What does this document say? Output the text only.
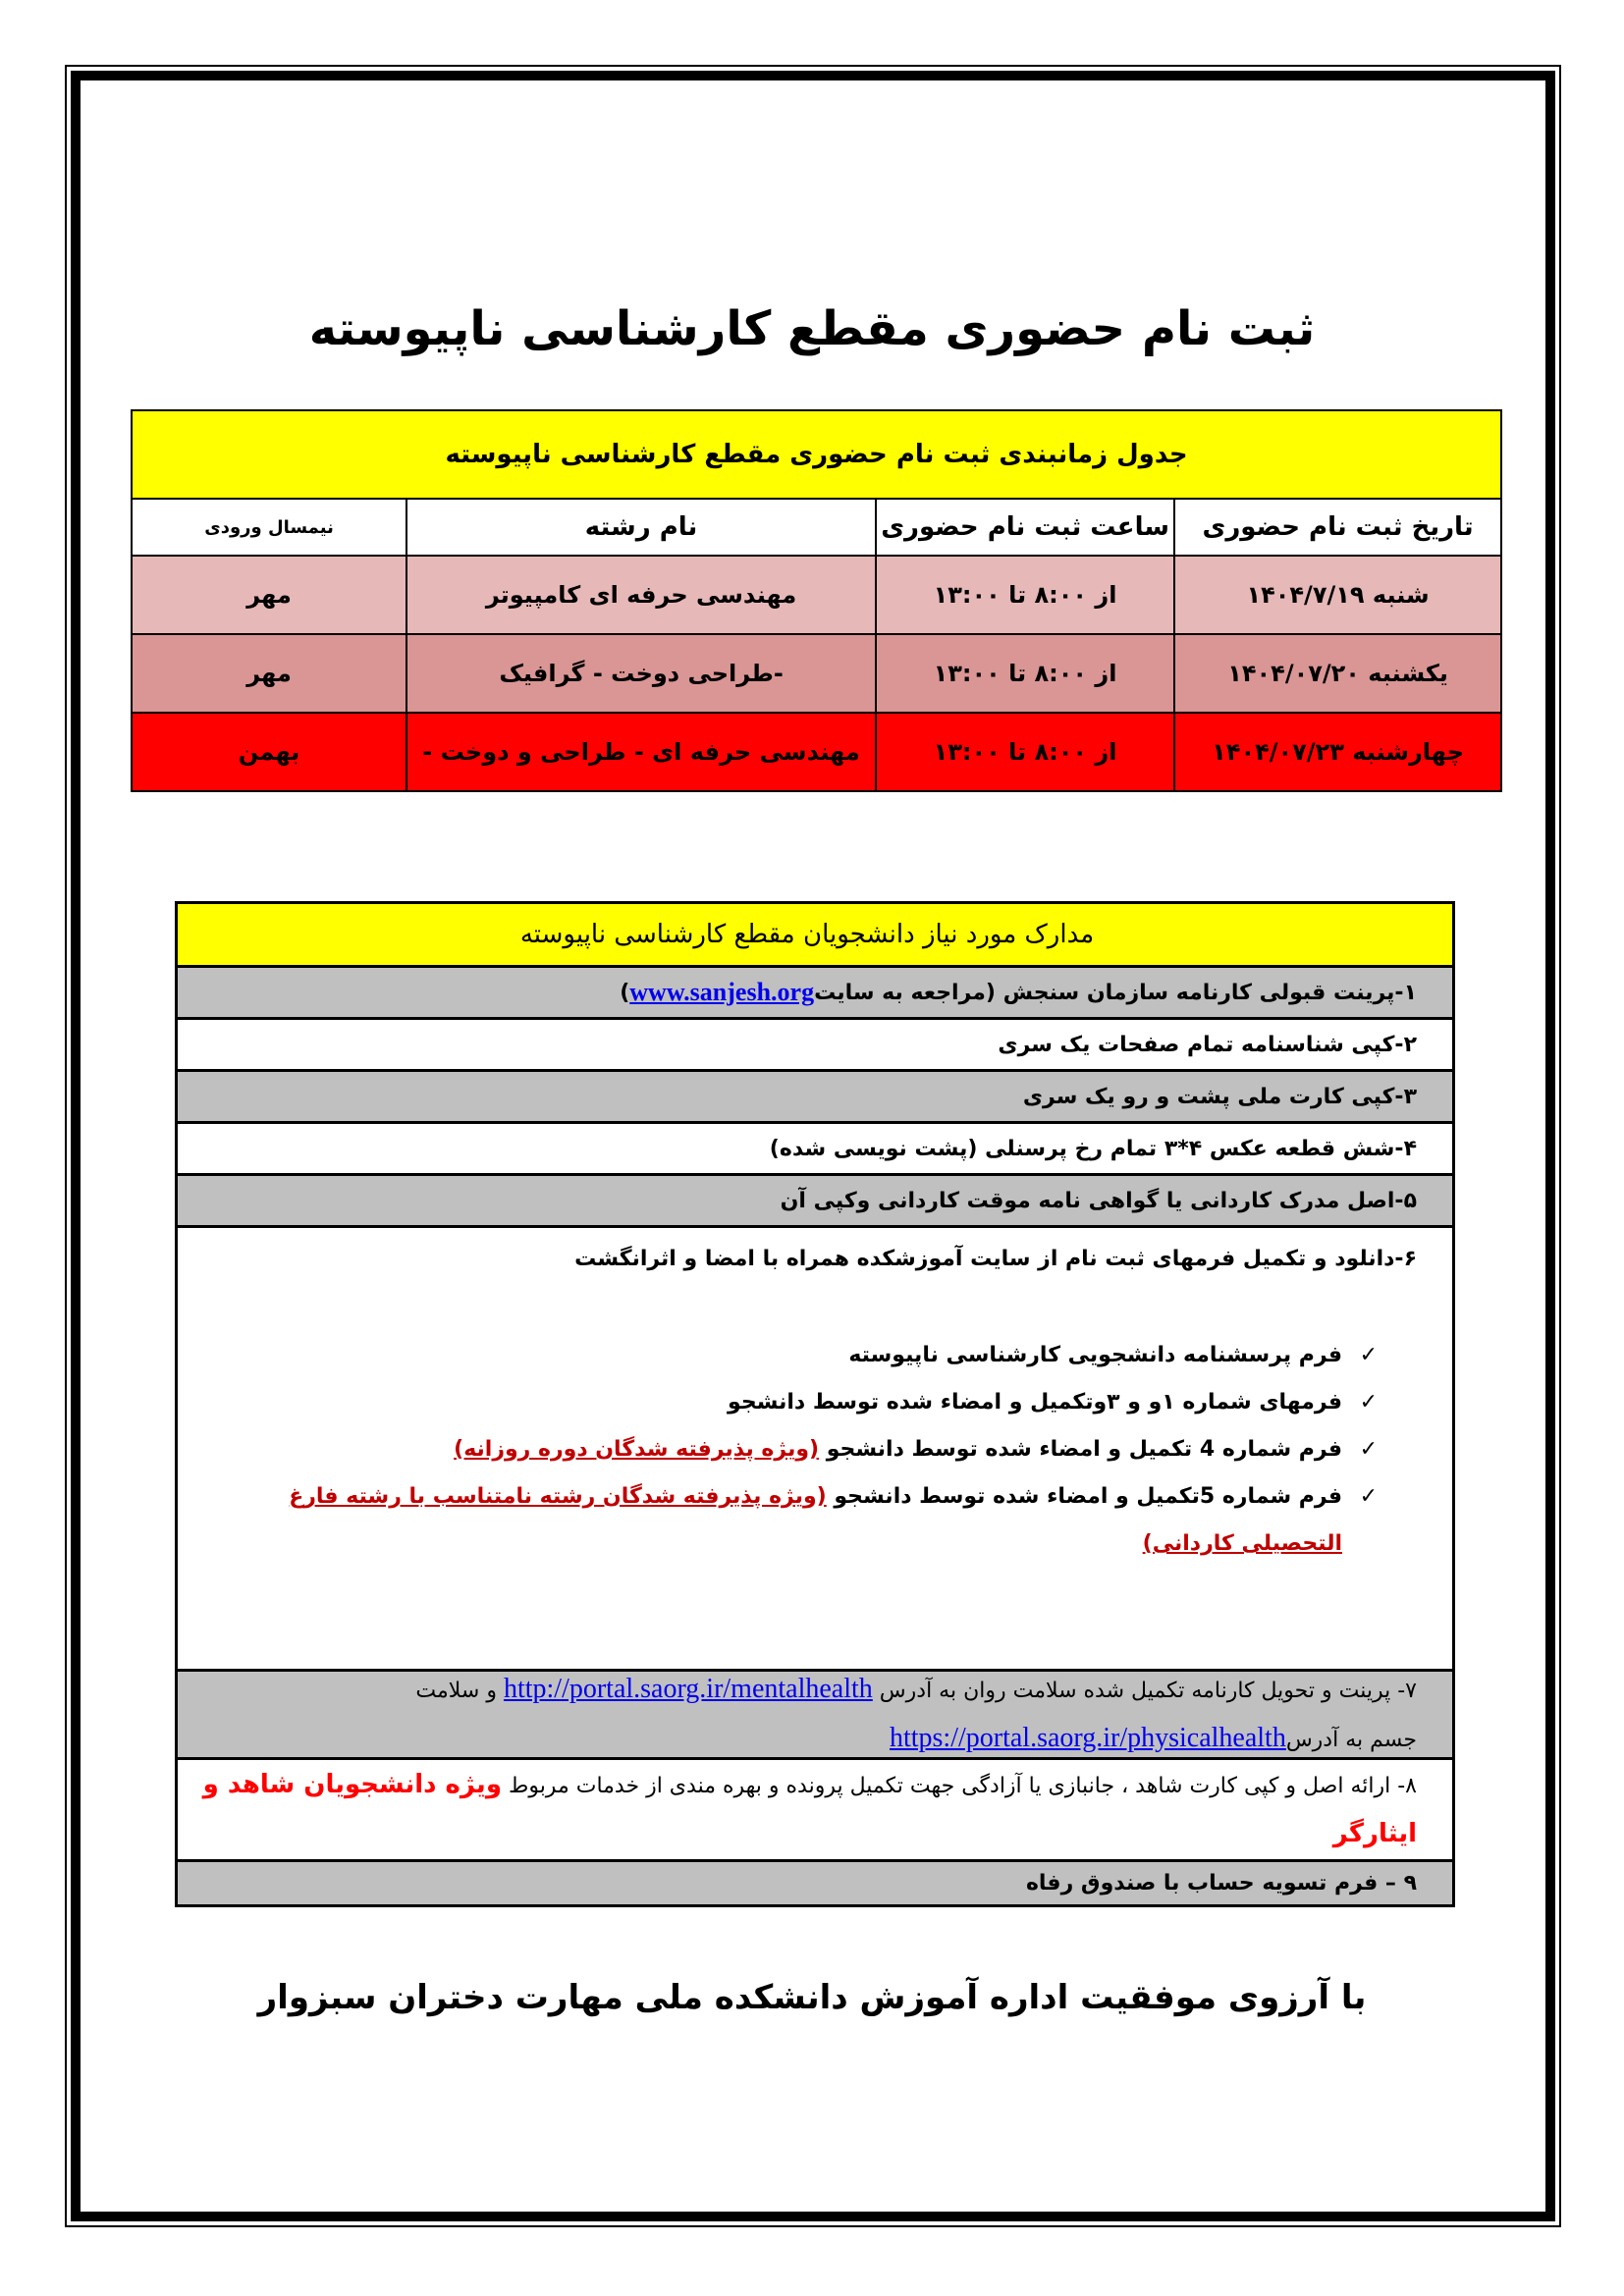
ثبت نام حضوری مقطع کارشناسی ناپیوسته
جدول زمانبندی ثبت نام حضوری مقطع کارشناسی ناپیوسته			
تاریخ ثبت نام حضوری	ساعت ثبت نام حضوری	نام رشته	نیمسال ورودی
شنبه ۱۴۰۴/۷/۱۹	از ۸:۰۰ تا ۱۳:۰۰	مهندسی حرفه ای کامپیوتر	مهر
یکشنبه ۱۴۰۴/۰۷/۲۰	از ۸:۰۰ تا ۱۳:۰۰	-طراحی دوخت - گرافیک	مهر
چهارشنبه ۱۴۰۴/۰۷/۲۳	از ۸:۰۰ تا ۱۳:۰۰	مهندسی حرفه ای - طراحی و دوخت -	بهمن
مدارک مورد نیاز دانشجویان مقطع کارشناسی ناپیوسته
۱-پرینت قبولی کارنامه سازمان سنجش (مراجعه به سایت
www.sanjesh.org
)
۲-کپی شناسنامه تمام صفحات یک سری
۳-کپی کارت ملی پشت و رو یک سری
۴-شش قطعه عکس ۴*۳ تمام رخ پرسنلی (پشت نویسی شده)
۵-اصل مدرک کاردانی یا گواهی نامه موقت کاردانی وکپی آن
۶-دانلود و تکمیل فرمهای ثبت نام از سایت آموزشکده همراه با امضا و اثرانگشت
✓
فرم پرسشنامه دانشجویی کارشناسی ناپیوسته
✓
فرمهای شماره ۱و و ۳وتکمیل و امضاء شده توسط دانشجو
✓
فرم شماره 4 تکمیل و امضاء شده توسط دانشجو (ویژه پذیرفته شدگان دوره روزانه)
✓
فرم شماره 5تکمیل و امضاء شده توسط دانشجو (ویژه پذیرفته شدگان رشته نامتناسب با رشته فارغ التحصیلی کاردانی)
۷- پرینت و تحویل کارنامه تکمیل شده سلامت روان به آدرس http://portal.saorg.ir/mentalhealth و سلامت
جسم به آدرسhttps://portal.saorg.ir/physicalhealth
۸- ارائه اصل و کپی کارت شاهد ، جانبازی یا آزادگی جهت تکمیل پرونده و بهره مندی از خدمات مربوط ویژه دانشجویان شاهد و ایثارگر
۹ – فرم تسویه حساب با صندوق رفاه
با آرزوی موفقیت اداره آموزش دانشکده ملی مهارت دختران سبزوار
